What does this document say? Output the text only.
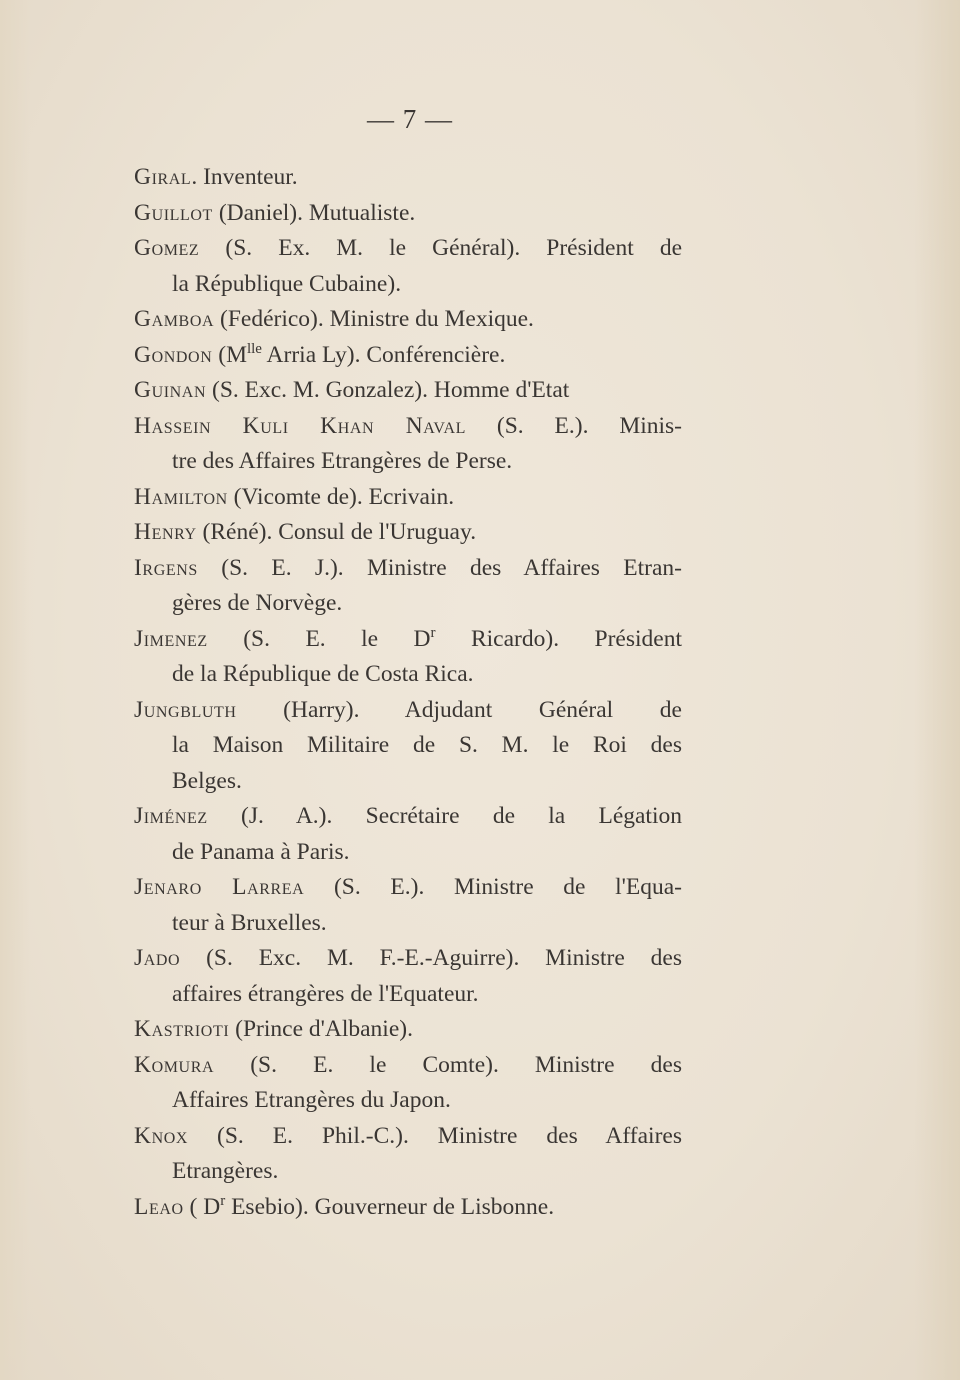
— 7 —
Giral. Inventeur.
Guillot (Daniel). Mutualiste.
Gomez (S. Ex. M. le Général). Président de
la République Cubaine).
Gamboa (Fedérico). Ministre du Mexique.
Gondon ($M^{lle}$ Arria Ly). Conférencière.
Guinan (S. Exc. M. Gonzalez). Homme d'Etat
Hassein Kuli Khan Naval (S. E.). Minis-
tre des Affaires Etrangères de Perse.
Hamilton (Vicomte de). Ecrivain.
Henry (Réné). Consul de l'Uruguay.
Irgens (S. E. J.). Ministre des Affaires Etran-
gères de Norvège.
Jimenez (S. E. le $D^r$ Ricardo). Président
de la République de Costa Rica.
Jungbluth (Harry). Adjudant Général de
la Maison Militaire de S. M. le Roi des
Belges.
Jiménez (J. A.). Secrétaire de la Légation
de Panama à Paris.
Jenaro Larrea (S. E.). Ministre de l'Equa-
teur à Bruxelles.
Jado (S. Exc. M. F.-E.-Aguirre). Ministre des
affaires étrangères de l'Equateur.
Kastrioti (Prince d'Albanie).
Komura (S. E. le Comte). Ministre des
Affaires Etrangères du Japon.
Knox (S. E. Phil.-C.). Ministre des Affaires
Etrangères.
Leao ( $D^r$ Esebio). Gouverneur de Lisbonne.
